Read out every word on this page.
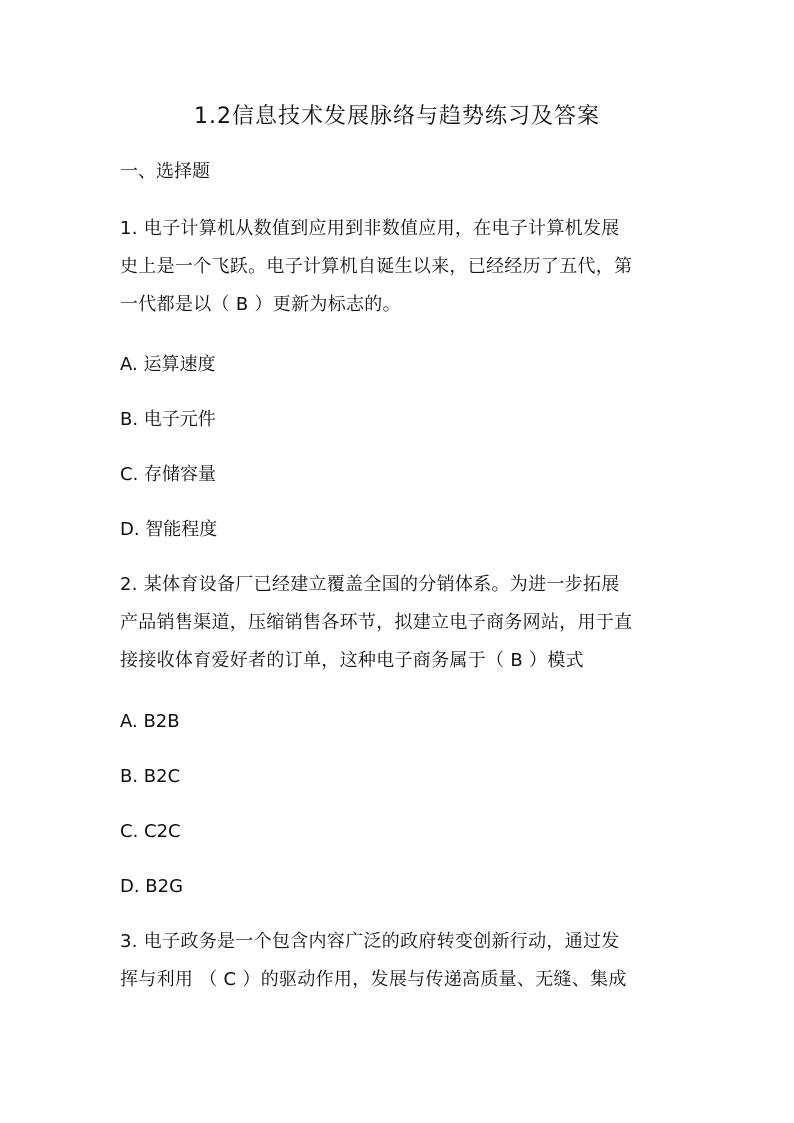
1.2信息技术发展脉络与趋势练习及答案
一、选择题
1. 电子计算机从数值到应用到非数值应用，在电子计算机发展
史上是一个飞跃。电子计算机自诞生以来，已经经历了五代，第
一代都是以（ B ）更新为标志的。
A. 运算速度
B. 电子元件
C. 存储容量
D. 智能程度
2. 某体育设备厂已经建立覆盖全国的分销体系。为进一步拓展
产品销售渠道，压缩销售各环节，拟建立电子商务网站，用于直
接接收体育爱好者的订单，这种电子商务属于（ B ）模式
A. B2B
B. B2C
C. C2C
D. B2G
3. 电子政务是一个包含内容广泛的政府转变创新行动，通过发
挥与利用 （ C ）的驱动作用，发展与传递高质量、无缝、集成
